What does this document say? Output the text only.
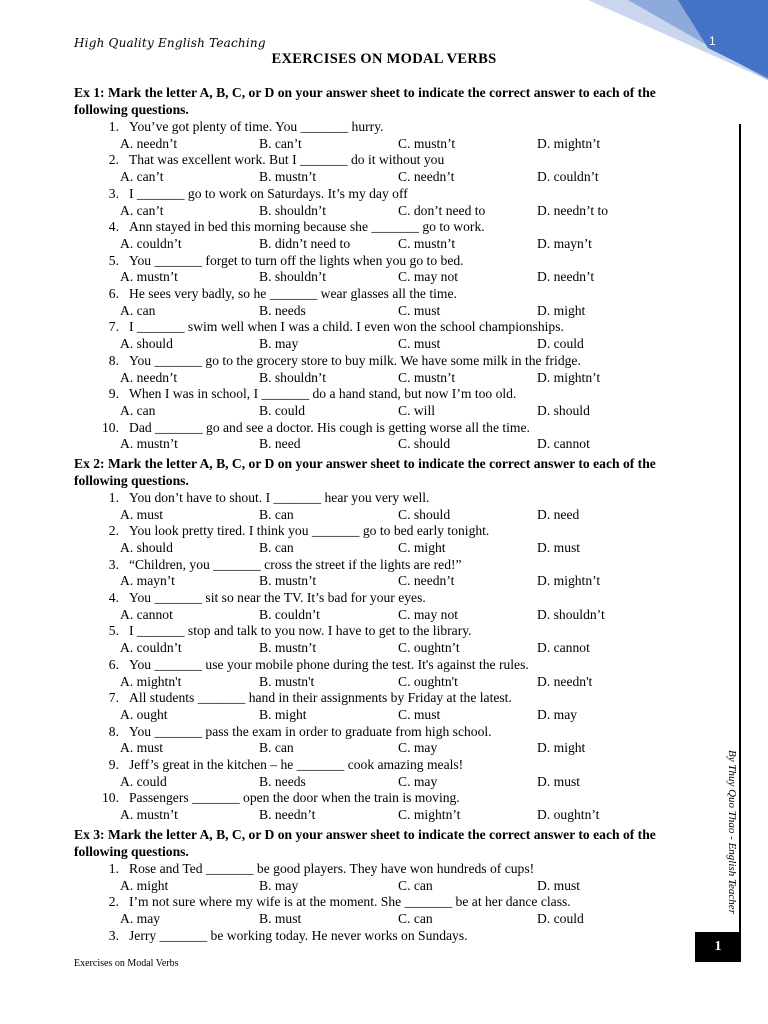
1
High Quality English Teaching
EXERCISES ON MODAL VERBS
Ex 1: Mark the letter A, B, C, or D on your answer sheet to indicate the correct answer to each of the following questions.
1. You’ve got plenty of time. You _______ hurry.
A. needn’t	B. can’t	C. mustn’t	D. mightn’t
2. That was excellent work. But I _______ do it without you
A. can’t	B. mustn’t	C. needn’t	D. couldn’t
3. I _______ go to work on Saturdays. It’s my day off
A. can’t	B. shouldn’t	C. don’t need to	D. needn’t to
4. Ann stayed in bed this morning because she _______ go to work.
A. couldn’t	B. didn’t need to	C. mustn’t	D. mayn’t
5. You _______ forget to turn off the lights when you go to bed.
A. mustn’t	B. shouldn’t	C. may not	D. needn’t
6. He sees very badly, so he _______ wear glasses all the time.
A. can	B. needs	C. must	D. might
7. I _______ swim well when I was a child. I even won the school championships.
A. should	B. may	C. must	D. could
8. You _______ go to the grocery store to buy milk. We have some milk in the fridge.
A. needn’t	B. shouldn’t	C. mustn’t	D. mightn’t
9. When I was in school, I _______ do a hand stand, but now I’m too old.
A. can	B. could	C. will	D. should
10. Dad _______ go and see a doctor. His cough is getting worse all the time.
A. mustn’t	B. need	C. should	D. cannot
Ex 2: Mark the letter A, B, C, or D on your answer sheet to indicate the correct answer to each of the following questions.
1. You don’t have to shout. I _______ hear you very well.
A. must	B. can	C. should	D. need
2. You look pretty tired. I think you _______ go to bed early tonight.
A. should	B. can	C. might	D. must
3. “Children, you _______ cross the street if the lights are red!”
A. mayn’t	B. mustn’t	C. needn’t	D. mightn’t
4. You _______ sit so near the TV. It’s bad for your eyes.
A. cannot	B. couldn’t	C. may not	D. shouldn’t
5. I _______ stop and talk to you now. I have to get to the library.
A. couldn’t	B. mustn’t	C. oughtn’t	D. cannot
6. You _______ use your mobile phone during the test. It's against the rules.
A. mightn't	B. mustn't	C. oughtn't	D. needn't
7. All students _______ hand in their assignments by Friday at the latest.
A. ought	B. might	C. must	D. may
8. You _______ pass the exam in order to graduate from high school.
A. must	B. can	C. may	D. might
9. Jeff’s great in the kitchen – he _______ cook amazing meals!
A. could	B. needs	C. may	D. must
10. Passengers _______ open the door when the train is moving.
A. mustn’t	B. needn’t	C. mightn’t	D. oughtn’t
Ex 3: Mark the letter A, B, C, or D on your answer sheet to indicate the correct answer to each of the following questions.
1. Rose and Ted _______ be good players. They have won hundreds of cups!
A. might	B. may	C. can	D. must
2. I’m not sure where my wife is at the moment. She _______ be at her dance class.
A. may	B. must	C. can	D. could
3. Jerry _______ be working today. He never works on Sundays.
By Thuy Quo Thao - English Teacher
1
Exercises on Modal Verbs
